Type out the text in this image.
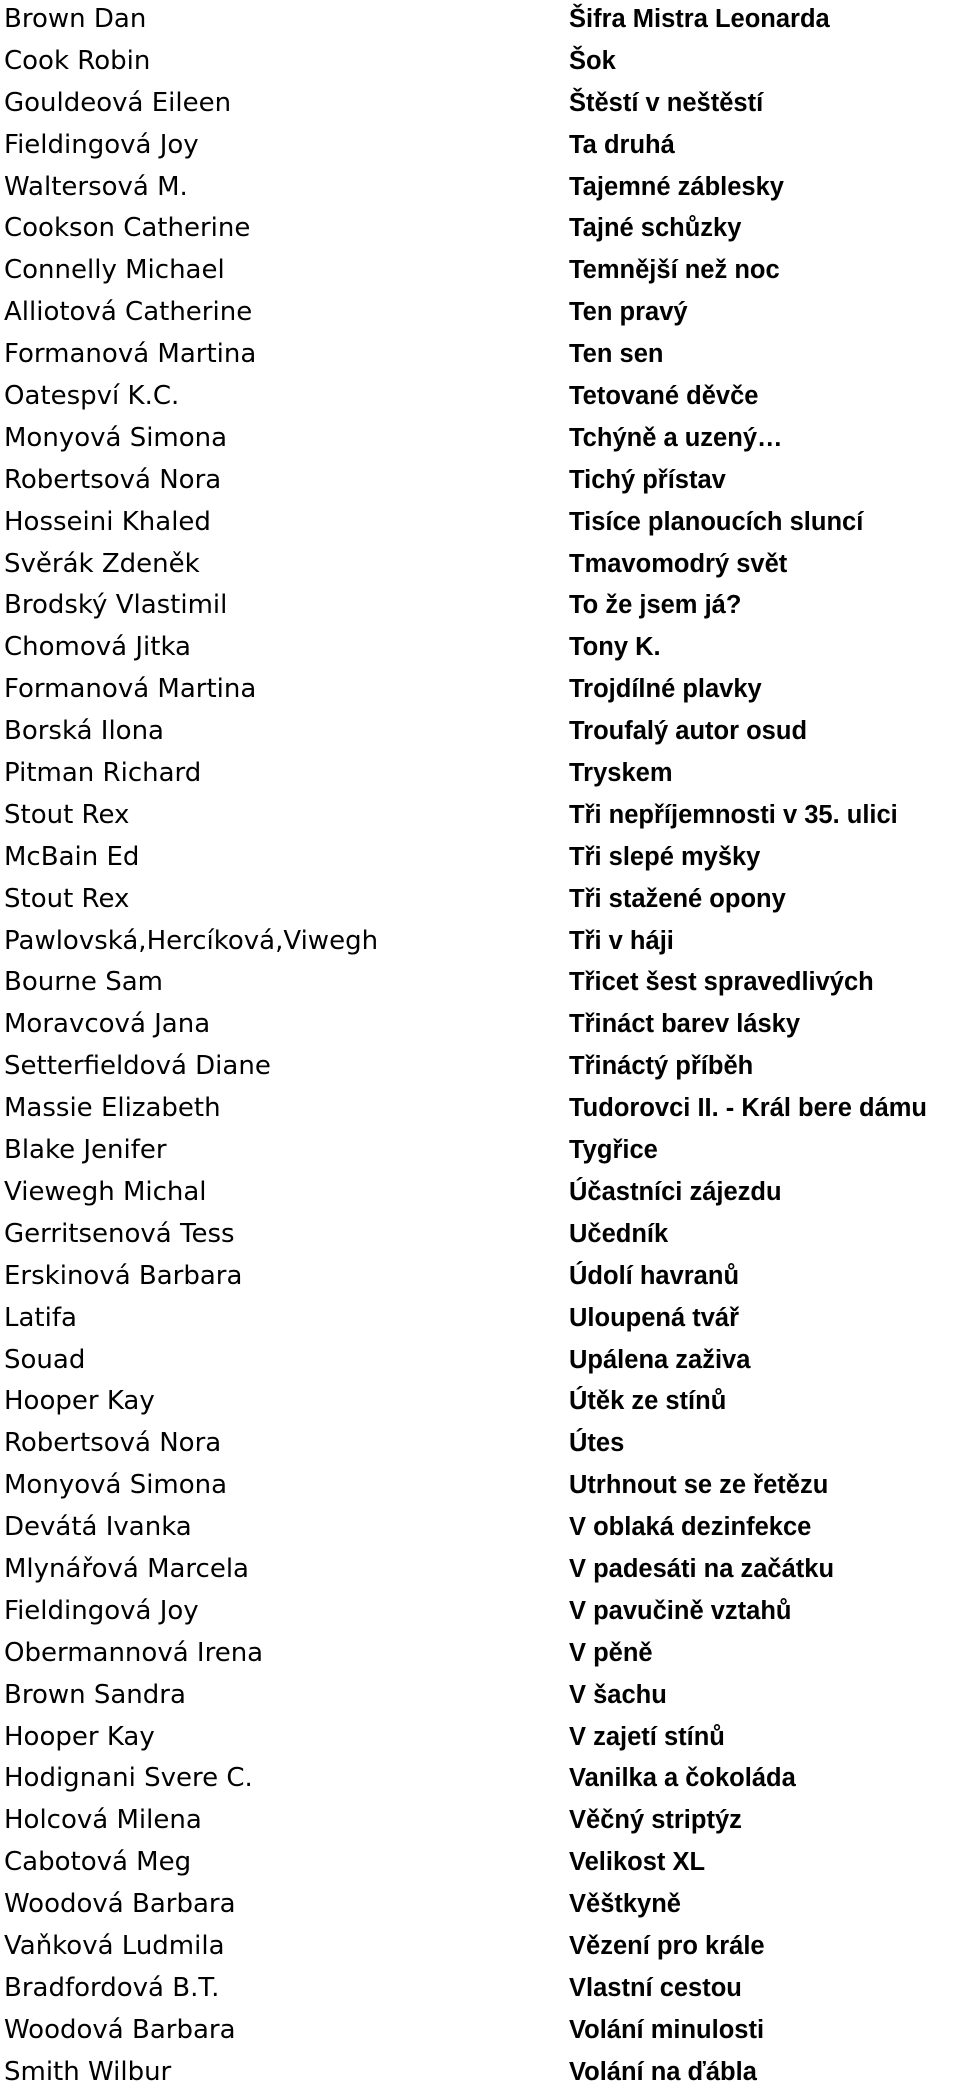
Brown Dan	Šifra Mistra Leonarda
Cook Robin	Šok
Gouldeová Eileen	Štěstí v neštěstí
Fieldingová Joy	Ta druhá
Waltersová M.	Tajemné záblesky
Cookson Catherine	Tajné schůzky
Connelly Michael	Temnější než noc
Alliotová Catherine	Ten pravý
Formanová Martina	Ten sen
Oatespví K.C.	Tetované děvče
Monyová Simona	Tchýně a uzený…
Robertsová Nora	Tichý přístav
Hosseini Khaled	Tisíce planoucích sluncí
Svěrák Zdeněk	Tmavomodrý svět
Brodský Vlastimil	To že jsem já?
Chomová Jitka	Tony K.
Formanová Martina	Trojdílné plavky
Borská Ilona	Troufalý autor osud
Pitman Richard	Tryskem
Stout Rex	Tři nepříjemnosti v 35. ulici
McBain Ed	Tři slepé myšky
Stout Rex	Tři stažené opony
Pawlovská,Hercíková,Viwegh	Tři v háji
Bourne Sam	Třicet šest spravedlivých
Moravcová Jana	Třináct barev lásky
Setterfieldová Diane	Třináctý příběh
Massie Elizabeth	Tudorovci II. - Král bere dámu
Blake Jenifer	Tygřice
Viewegh Michal	Účastníci zájezdu
Gerritsenová Tess	Učedník
Erskinová Barbara	Údolí havranů
Latifa	Uloupená tvář
Souad	Upálena zaživa
Hooper Kay	Útěk ze stínů
Robertsová Nora	Útes
Monyová Simona	Utrhnout se ze řetězu
Devátá Ivanka	V oblaká dezinfekce
Mlynářová Marcela	V padesáti na začátku
Fieldingová Joy	V pavučině vztahů
Obermannová Irena	V pěně
Brown Sandra	V šachu
Hooper Kay	V zajetí stínů
Hodignani Svere C.	Vanilka a čokoláda
Holcová Milena	Věčný striptýz
Cabotová Meg	Velikost XL
Woodová Barbara	Věštkyně
Vaňková Ludmila	Vězení pro krále
Bradfordová B.T.	Vlastní cestou
Woodová Barbara	Volání minulosti
Smith Wilbur	Volání na ďábla
